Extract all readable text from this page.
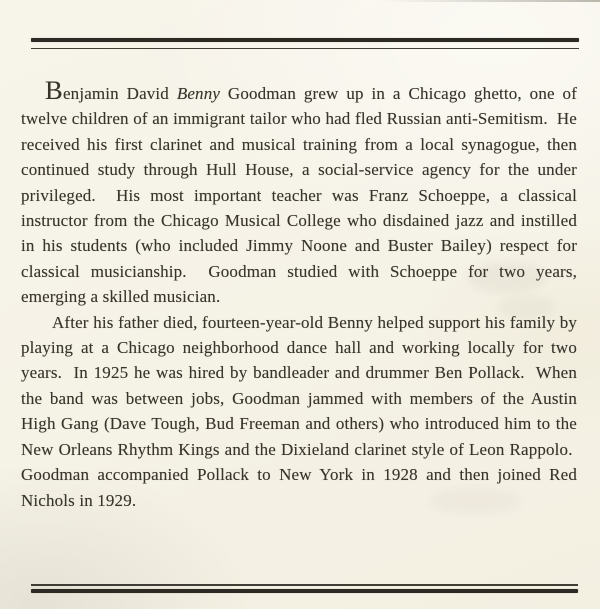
Benjamin David Benny Goodman grew up in a Chicago ghetto, one of twelve children of an immigrant tailor who had fled Russian anti-Semitism.  He received his first clarinet and musical training from a local synagogue, then continued study through Hull House, a social-service agency for the under privileged.  His most important teacher was Franz Schoeppe, a classical instructor from the Chicago Musical College who disdained jazz and instilled in his students (who included Jimmy Noone and Buster Bailey) respect for classical musicianship.  Goodman studied with Schoeppe for two years, emerging a skilled musician.

After his father died, fourteen-year-old Benny helped support his family by playing at a Chicago neighborhood dance hall and working locally for two years.  In 1925 he was hired by bandleader and drummer Ben Pollack.  When the band was between jobs, Goodman jammed with members of the Austin High Gang (Dave Tough, Bud Freeman and others) who introduced him to the New Orleans Rhythm Kings and the Dixieland clarinet style of Leon Rappolo.  Goodman accompanied Pollack to New York in 1928 and then joined Red Nichols in 1929.
